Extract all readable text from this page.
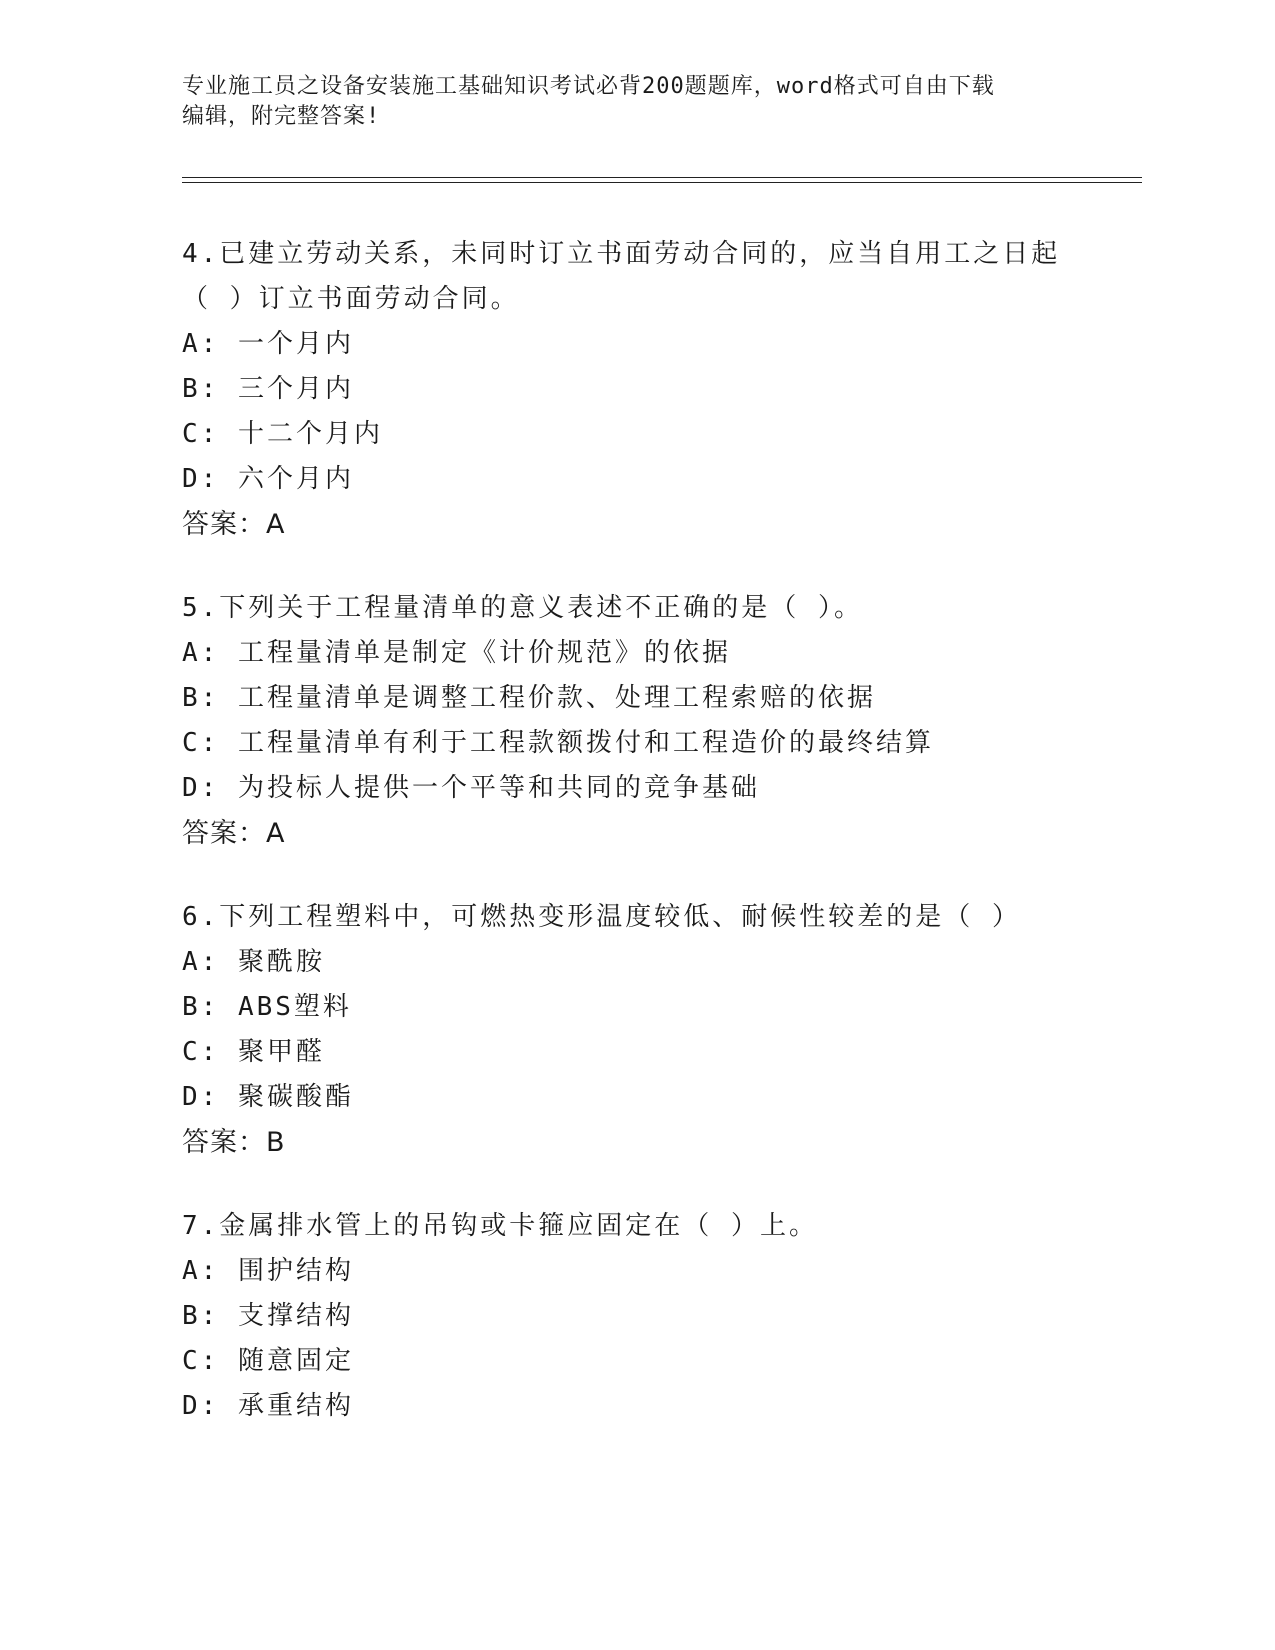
专业施工员之设备安装施工基础知识考试必背200题题库，word格式可自由下载
编辑，附完整答案!
4.已建立劳动关系，未同时订立书面劳动合同的，应当自用工之日起
（ ）订立书面劳动合同。
A: 一个月内
B: 三个月内
C: 十二个月内
D: 六个月内
答案：A
5.下列关于工程量清单的意义表述不正确的是（ ）。
A: 工程量清单是制定《计价规范》的依据
B: 工程量清单是调整工程价款、处理工程索赔的依据
C: 工程量清单有利于工程款额拨付和工程造价的最终结算
D: 为投标人提供一个平等和共同的竞争基础
答案：A
6.下列工程塑料中，可燃热变形温度较低、耐候性较差的是（ ）
A: 聚酰胺
B: ABS塑料
C: 聚甲醛
D: 聚碳酸酯
答案：B
7.金属排水管上的吊钩或卡箍应固定在（ ）上。
A: 围护结构
B: 支撑结构
C: 随意固定
D: 承重结构
